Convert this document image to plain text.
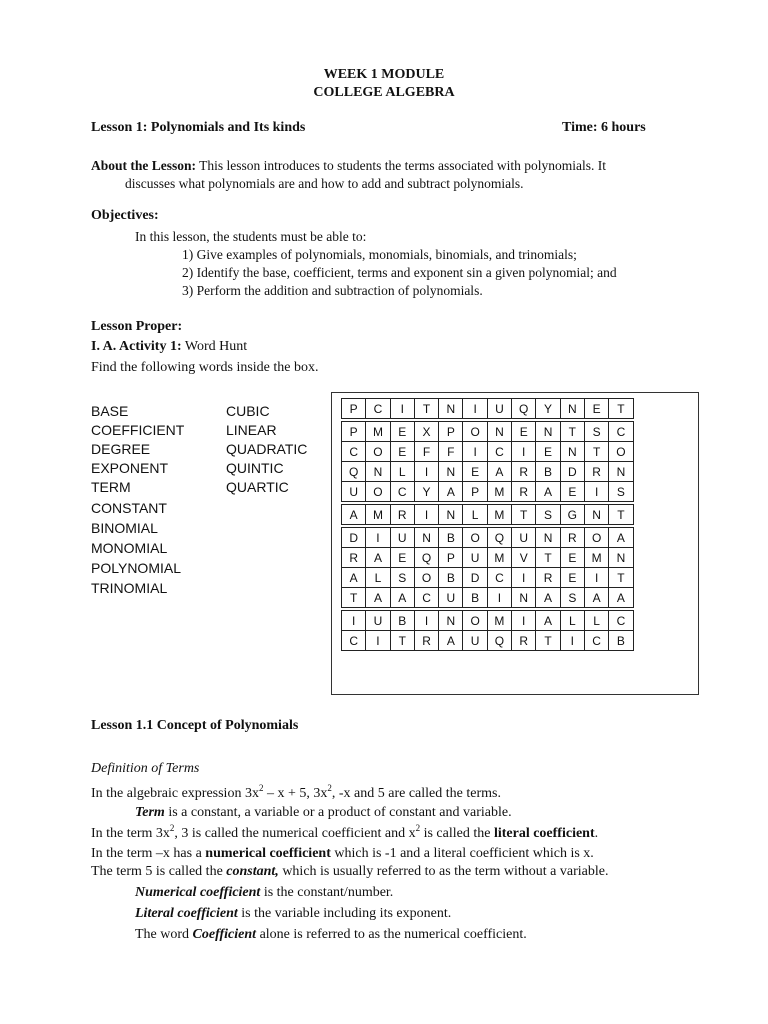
WEEK 1 MODULE
COLLEGE ALGEBRA
Lesson 1: Polynomials and Its kinds	Time: 6 hours
About the Lesson: This lesson introduces to students the terms associated with polynomials. It
discusses what polynomials are and how to add and subtract polynomials.
Objectives:
In this lesson, the students must be able to:
1) Give examples of polynomials, monomials, binomials, and trinomials;
2) Identify the base, coefficient, terms and exponent sin a given polynomial; and
3) Perform the addition and subtraction of polynomials.
Lesson Proper:
I. A. Activity 1: Word Hunt
Find the following words inside the box.
BASE
COEFFICIENT
DEGREE
EXPONENT
TERM
CONSTANT
BINOMIAL
MONOMIAL
POLYNOMIAL
TRINOMIAL
CUBIC
LINEAR
QUADRATIC
QUINTIC
QUARTIC
P	C	I	T	N	I	U	Q	Y	N	E	T

P	M	E	X	P	O	N	E	N	T	S	C
C	O	E	F	F	I	C	I	E	N	T	O
Q	N	L	I	N	E	A	R	B	D	R	N
U	O	C	Y	A	P	M	R	A	E	I	S

A	M	R	I	N	L	M	T	S	G	N	T

D	I	U	N	B	O	Q	U	N	R	O	A
R	A	E	Q	P	U	M	V	T	E	M	N
A	L	S	O	B	D	C	I	R	E	I	T
T	A	A	C	U	B	I	N	A	S	A	A

I	U	B	I	N	O	M	I	A	L	L	C
C	I	T	R	A	U	Q	R	T	I	C	B
Lesson 1.1 Concept of Polynomials
Definition of Terms
In the algebraic expression $3x^2 - x + 5$, $3x^2$, -x and 5 are called the terms.
Term is a constant, a variable or a product of constant and variable.
In the term $3x^2$, 3 is called the numerical coefficient and $x^2$ is called the literal coefficient.
In the term –x has a numerical coefficient which is -1 and a literal coefficient which is x.
The term 5 is called the constant, which is usually referred to as the term without a variable.
Numerical coefficient is the constant/number.
Literal coefficient is the variable including its exponent.
The word Coefficient alone is referred to as the numerical coefficient.
